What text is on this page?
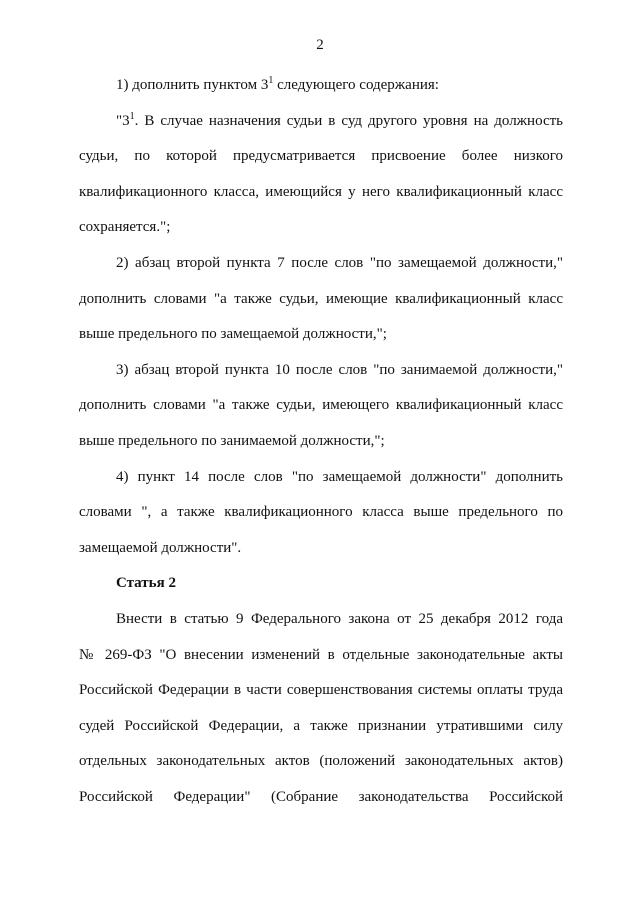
2
1) дополнить пунктом $3^1$ следующего содержания:
"$3^1$. В случае назначения судьи в суд другого уровня на должность
судьи, по которой предусматривается присвоение более низкого
квалификационного класса, имеющийся у него квалификационный класс
сохраняется.";
2) абзац второй пункта 7 после слов "по замещаемой должности,"
дополнить словами "а также судьи, имеющие квалификационный класс
выше предельного по замещаемой должности,";
3) абзац второй пункта 10 после слов "по занимаемой должности,"
дополнить словами "а также судьи, имеющего квалификационный класс
выше предельного по занимаемой должности,";
4) пункт 14 после слов "по замещаемой должности" дополнить
словами ", а также квалификационного класса выше предельного по
замещаемой должности".
Статья 2
Внести в статью 9 Федерального закона от 25 декабря 2012 года
№ 269-ФЗ "О внесении изменений в отдельные законодательные акты
Российской Федерации в части совершенствования системы оплаты труда
судей Российской Федерации, а также признании утратившими силу
отдельных законодательных актов (положений законодательных актов)
Российской Федерации" (Собрание законодательства Российской
